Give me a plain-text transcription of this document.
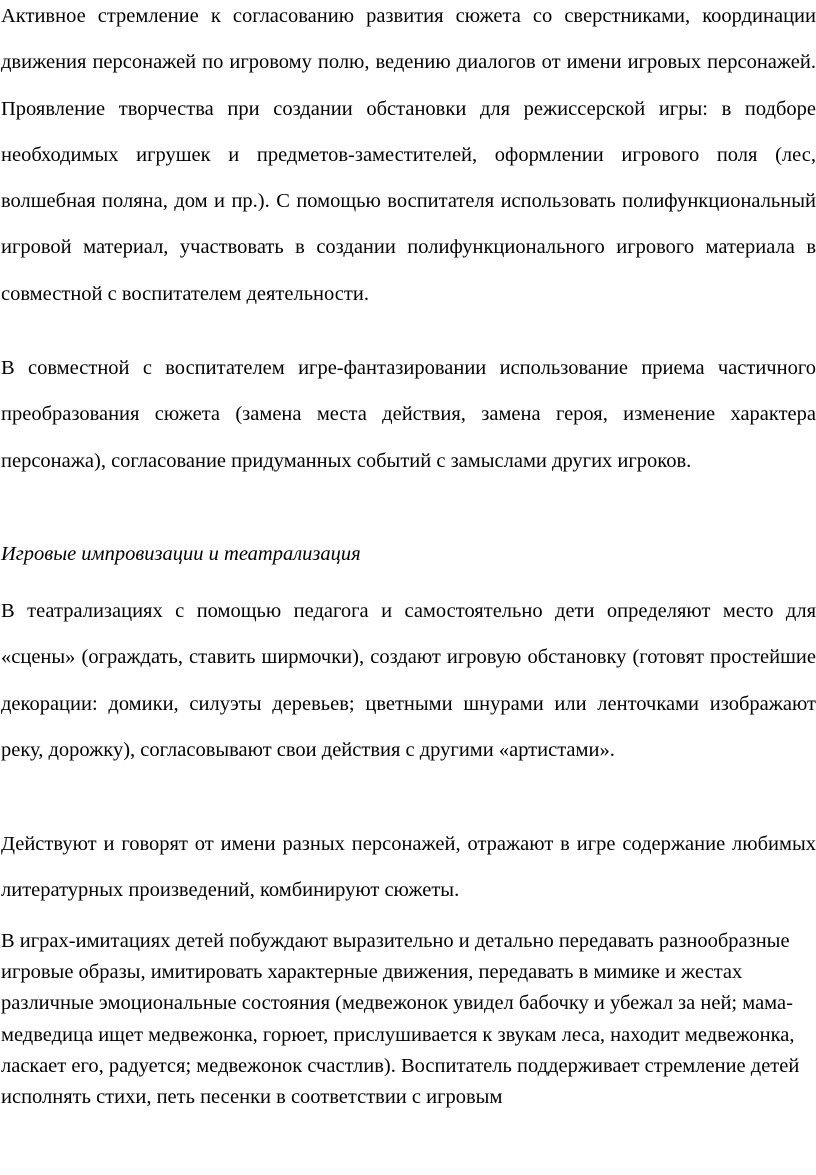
Активное стремление к согласованию развития сюжета со сверстниками, координации движения персонажей по игровому полю, ведению диалогов от имени игровых персонажей. Проявление творчества при создании обстановки для режиссерской игры: в подборе необходимых игрушек и предметов-заместителей, оформлении игрового поля (лес, волшебная поляна, дом и пр.). С помощью воспитателя использовать полифункциональный игровой материал, участвовать в создании полифункционального игрового материала в совместной с воспитателем деятельности.

В совместной с воспитателем игре-фантазировании использование приема частичного преобразования сюжета (замена места действия, замена героя, изменение характера персонажа), согласование придуманных событий с замыслами других игроков.

Игровые импровизации и театрализация

В театрализациях с помощью педагога и самостоятельно дети определяют место для «сцены» (ограждать, ставить ширмочки), создают игровую обстановку (готовят простейшие декорации: домики, силуэты деревьев; цветными шнурами или ленточками изображают реку, дорожку), согласовывают свои действия с другими «артистами».

Действуют и говорят от имени разных персонажей, отражают в игре содержание любимых литературных произведений, комбинируют сюжеты.

В играх-имитациях детей побуждают выразительно и детально передавать разнообразные игровые образы, имитировать характерные движения, передавать в мимике и жестах различные эмоциональные состояния (медвежонок увидел бабочку и убежал за ней; мама-медведица ищет медвежонка, горюет, прислушивается к звукам леса, находит медвежонка, ласкает его, радуется; медвежонок счастлив). Воспитатель поддерживает стремление детей исполнять стихи, петь песенки в соответствии с игровым
